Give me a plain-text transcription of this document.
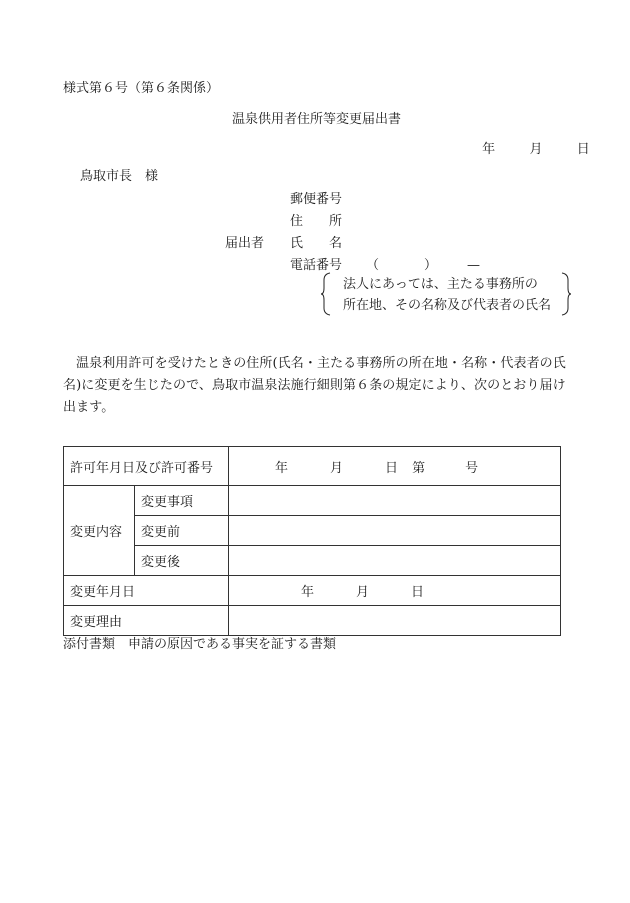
様式第６号（第６条関係）
温泉供用者住所等変更届出書
年	月	日
鳥取市長　様
届出者
郵便番号
住　　所
氏　　名
電話番号 （	） —
法人にあっては、主たる事務所の
所在地、その名称及び代表者の氏名
温泉利用許可を受けたときの住所(氏名・主たる事務所の所在地・名称・代表者の氏
名)に変更を生じたので、鳥取市温泉法施行細則第６条の規定により、次のとおり届け
出ます。
許可年月日及び許可番号		年 月 日 第 号
変更内容	変更事項	
	変更前	
	変更後	
変更年月日		年 月 日
変更理由		
添付書類　申請の原因である事実を証する書類
